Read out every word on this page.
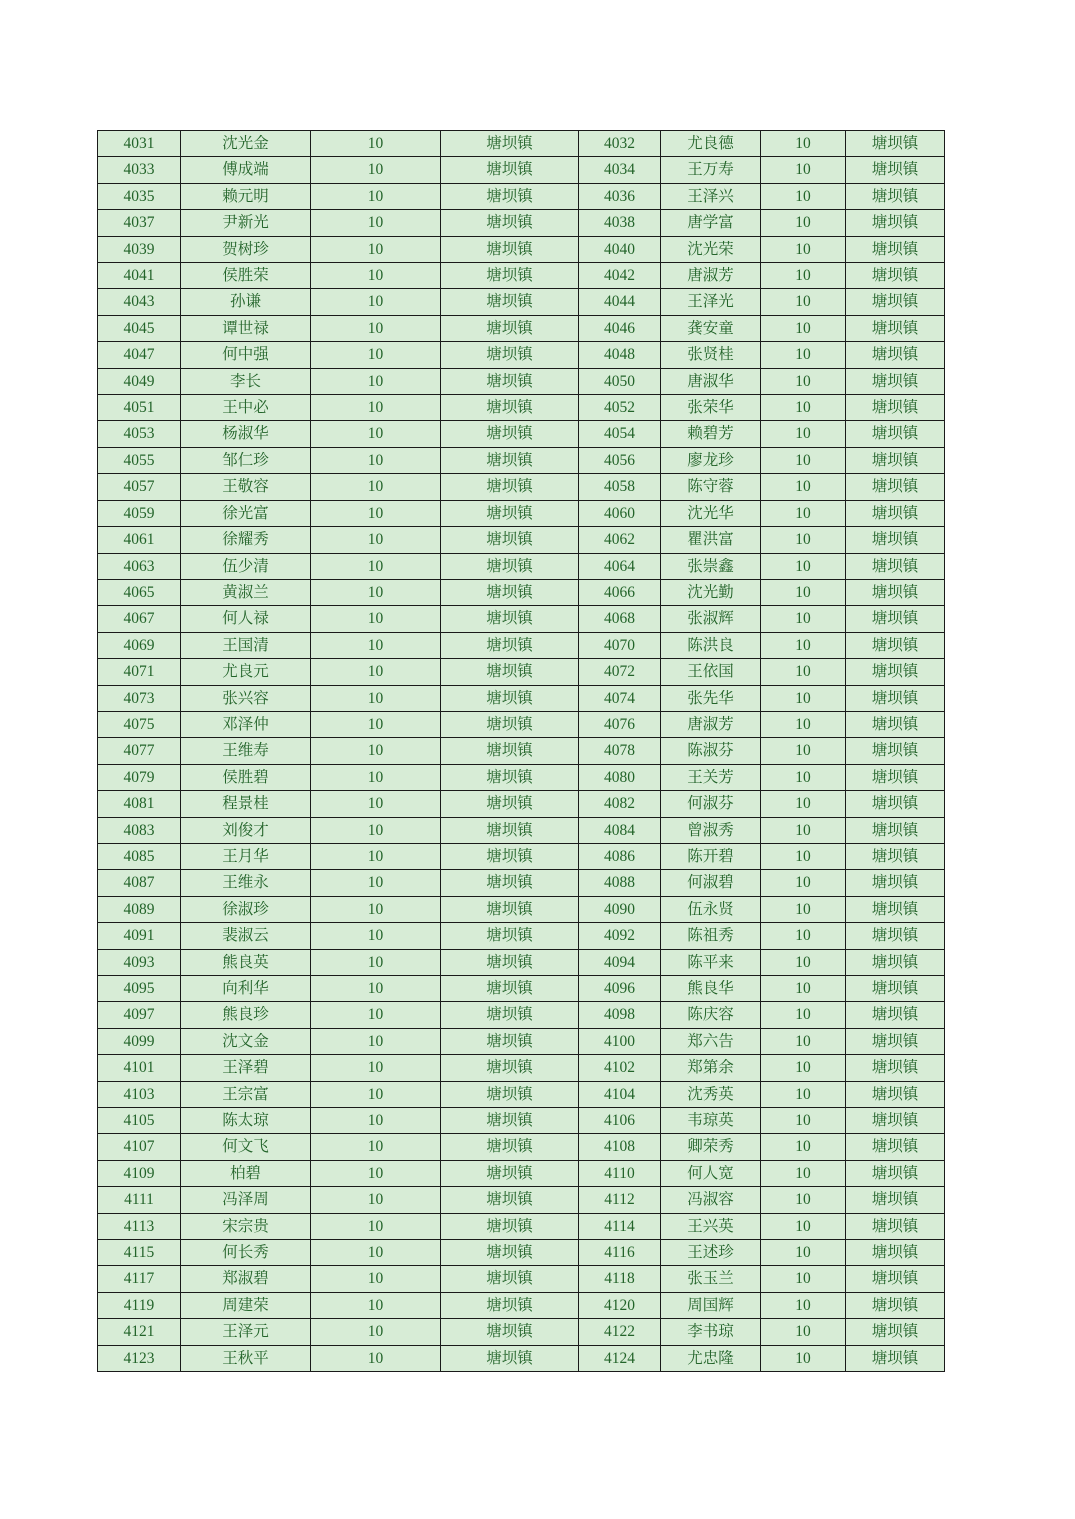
4031	沈光金	10	塘坝镇	4032	尤良德	10	塘坝镇
4033	傅成端	10	塘坝镇	4034	王万寿	10	塘坝镇
4035	赖元明	10	塘坝镇	4036	王泽兴	10	塘坝镇
4037	尹新光	10	塘坝镇	4038	唐学富	10	塘坝镇
4039	贺树珍	10	塘坝镇	4040	沈光荣	10	塘坝镇
4041	侯胜荣	10	塘坝镇	4042	唐淑芳	10	塘坝镇
4043	孙谦	10	塘坝镇	4044	王泽光	10	塘坝镇
4045	谭世禄	10	塘坝镇	4046	龚安童	10	塘坝镇
4047	何中强	10	塘坝镇	4048	张贤桂	10	塘坝镇
4049	李长	10	塘坝镇	4050	唐淑华	10	塘坝镇
4051	王中必	10	塘坝镇	4052	张荣华	10	塘坝镇
4053	杨淑华	10	塘坝镇	4054	赖碧芳	10	塘坝镇
4055	邹仁珍	10	塘坝镇	4056	廖龙珍	10	塘坝镇
4057	王敬容	10	塘坝镇	4058	陈守蓉	10	塘坝镇
4059	徐光富	10	塘坝镇	4060	沈光华	10	塘坝镇
4061	徐耀秀	10	塘坝镇	4062	瞿洪富	10	塘坝镇
4063	伍少清	10	塘坝镇	4064	张崇鑫	10	塘坝镇
4065	黄淑兰	10	塘坝镇	4066	沈光勤	10	塘坝镇
4067	何人禄	10	塘坝镇	4068	张淑辉	10	塘坝镇
4069	王国清	10	塘坝镇	4070	陈洪良	10	塘坝镇
4071	尤良元	10	塘坝镇	4072	王依国	10	塘坝镇
4073	张兴容	10	塘坝镇	4074	张先华	10	塘坝镇
4075	邓泽仲	10	塘坝镇	4076	唐淑芳	10	塘坝镇
4077	王维寿	10	塘坝镇	4078	陈淑芬	10	塘坝镇
4079	侯胜碧	10	塘坝镇	4080	王关芳	10	塘坝镇
4081	程景桂	10	塘坝镇	4082	何淑芬	10	塘坝镇
4083	刘俊才	10	塘坝镇	4084	曾淑秀	10	塘坝镇
4085	王月华	10	塘坝镇	4086	陈开碧	10	塘坝镇
4087	王维永	10	塘坝镇	4088	何淑碧	10	塘坝镇
4089	徐淑珍	10	塘坝镇	4090	伍永贤	10	塘坝镇
4091	裴淑云	10	塘坝镇	4092	陈祖秀	10	塘坝镇
4093	熊良英	10	塘坝镇	4094	陈平来	10	塘坝镇
4095	向利华	10	塘坝镇	4096	熊良华	10	塘坝镇
4097	熊良珍	10	塘坝镇	4098	陈庆容	10	塘坝镇
4099	沈文金	10	塘坝镇	4100	郑六告	10	塘坝镇
4101	王泽碧	10	塘坝镇	4102	郑第余	10	塘坝镇
4103	王宗富	10	塘坝镇	4104	沈秀英	10	塘坝镇
4105	陈太琼	10	塘坝镇	4106	韦琼英	10	塘坝镇
4107	何文飞	10	塘坝镇	4108	卿荣秀	10	塘坝镇
4109	柏碧	10	塘坝镇	4110	何人宽	10	塘坝镇
4111	冯泽周	10	塘坝镇	4112	冯淑容	10	塘坝镇
4113	宋宗贵	10	塘坝镇	4114	王兴英	10	塘坝镇
4115	何长秀	10	塘坝镇	4116	王述珍	10	塘坝镇
4117	郑淑碧	10	塘坝镇	4118	张玉兰	10	塘坝镇
4119	周建荣	10	塘坝镇	4120	周国辉	10	塘坝镇
4121	王泽元	10	塘坝镇	4122	李书琼	10	塘坝镇
4123	王秋平	10	塘坝镇	4124	尤忠隆	10	塘坝镇
